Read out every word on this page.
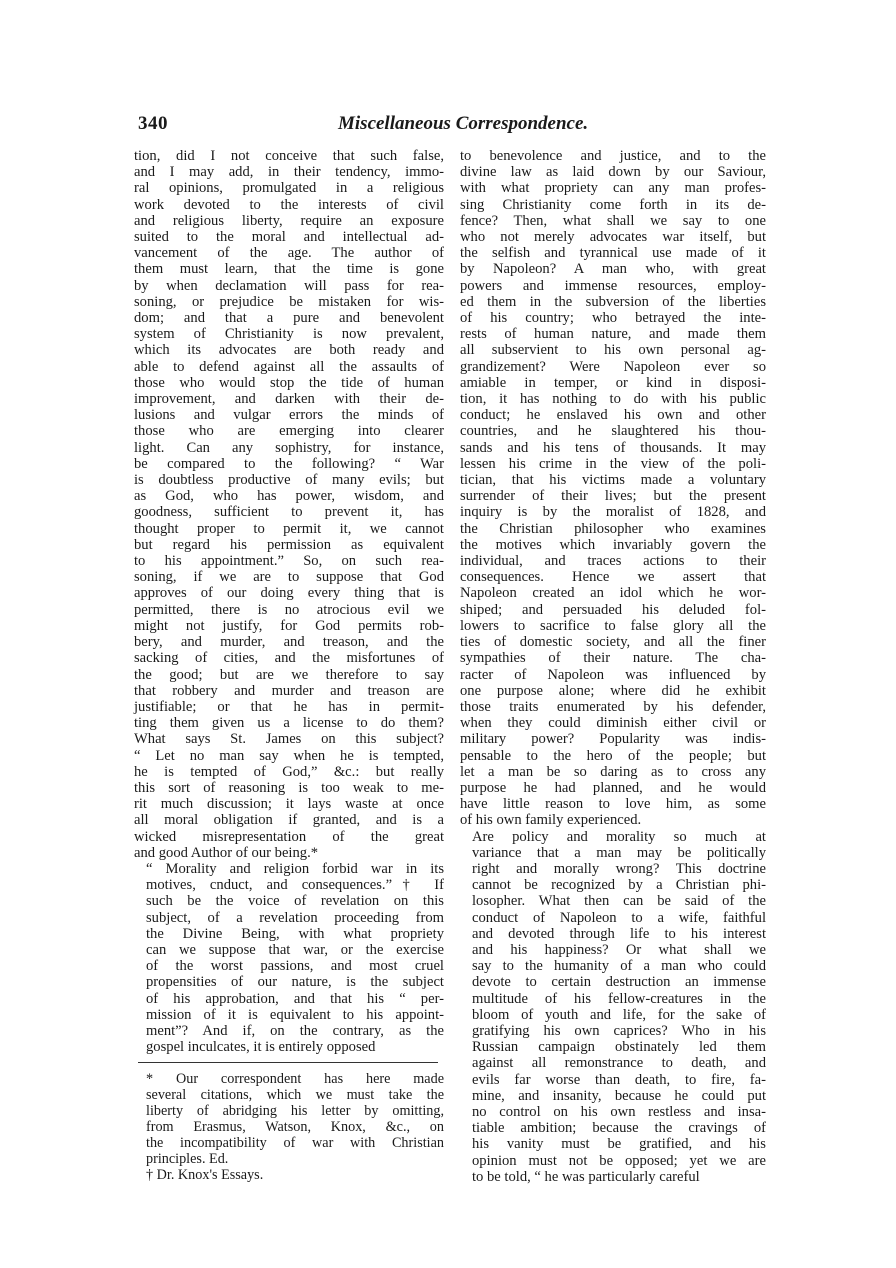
340	Miscellaneous Correspondence.

tion, did I not conceive that such false,
and I may add, in their tendency, immo-
ral opinions, promulgated in a religious
work devoted to the interests of civil
and religious liberty, require an exposure
suited to the moral and intellectual ad-
vancement of the age. The author of
them must learn, that the time is gone
by when declamation will pass for rea-
soning, or prejudice be mistaken for wis-
dom; and that a pure and benevolent
system of Christianity is now prevalent,
which its advocates are both ready and
able to defend against all the assaults of
those who would stop the tide of human
improvement, and darken with their de-
lusions and vulgar errors the minds of
those who are emerging into clearer
light. Can any sophistry, for instance,
be compared to the following? “ War
is doubtless productive of many evils; but
as God, who has power, wisdom, and
goodness, sufficient to prevent it, has
thought proper to permit it, we cannot
but regard his permission as equivalent
to his appointment.” So, on such rea-
soning, if we are to suppose that God
approves of our doing every thing that is
permitted, there is no atrocious evil we
might not justify, for God permits rob-
bery, and murder, and treason, and the
sacking of cities, and the misfortunes of
the good; but are we therefore to say
that robbery and murder and treason are
justifiable; or that he has in permit-
ting them given us a license to do them?
What says St. James on this subject?
“ Let no man say when he is tempted,
he is tempted of God,” &c.: but really
this sort of reasoning is too weak to me-
rit much discussion; it lays waste at once
all moral obligation if granted, and is a
wicked misrepresentation of the great
and good Author of our being.*

“ Morality and religion forbid war in its
motives, cnduct, and consequences.”† If
such be the voice of revelation on this
subject, of a revelation proceeding from
the Divine Being, with what propriety
can we suppose that war, or the exercise
of the worst passions, and most cruel
propensities of our nature, is the subject
of his approbation, and that his “ per-
mission of it is equivalent to his appoint-
ment”? And if, on the contrary, as the
gospel inculcates, it is entirely opposed

* Our correspondent has here made
several citations, which we must take the
liberty of abridging his letter by omitting,
from Erasmus, Watson, Knox, &c., on
the incompatibility of war with Christian
principles. Ed.

† Dr. Knox's Essays.

to benevolence and justice, and to the
divine law as laid down by our Saviour,
with what propriety can any man profes-
sing Christianity come forth in its de-
fence? Then, what shall we say to one
who not merely advocates war itself, but
the selfish and tyrannical use made of it
by Napoleon? A man who, with great
powers and immense resources, employ-
ed them in the subversion of the liberties
of his country; who betrayed the inte-
rests of human nature, and made them
all subservient to his own personal ag-
grandizement? Were Napoleon ever so
amiable in temper, or kind in disposi-
tion, it has nothing to do with his public
conduct; he enslaved his own and other
countries, and he slaughtered his thou-
sands and his tens of thousands. It may
lessen his crime in the view of the poli-
tician, that his victims made a voluntary
surrender of their lives; but the present
inquiry is by the moralist of 1828, and
the Christian philosopher who examines
the motives which invariably govern the
individual, and traces actions to their
consequences. Hence we assert that
Napoleon created an idol which he wor-
shiped; and persuaded his deluded fol-
lowers to sacrifice to false glory all the
ties of domestic society, and all the finer
sympathies of their nature. The cha-
racter of Napoleon was influenced by
one purpose alone; where did he exhibit
those traits enumerated by his defender,
when they could diminish either civil or
military power? Popularity was indis-
pensable to the hero of the people; but
let a man be so daring as to cross any
purpose he had planned, and he would
have little reason to love him, as some
of his own family experienced.

Are policy and morality so much at
variance that a man may be politically
right and morally wrong? This doctrine
cannot be recognized by a Christian phi-
losopher. What then can be said of the
conduct of Napoleon to a wife, faithful
and devoted through life to his interest
and his happiness? Or what shall we
say to the humanity of a man who could
devote to certain destruction an immense
multitude of his fellow-creatures in the
bloom of youth and life, for the sake of
gratifying his own caprices? Who in his
Russian campaign obstinately led them
against all remonstrance to death, and
evils far worse than death, to fire, fa-
mine, and insanity, because he could put
no control on his own restless and insa-
tiable ambition; because the cravings of
his vanity must be gratified, and his
opinion must not be opposed; yet we are
to be told, “ he was particularly careful
